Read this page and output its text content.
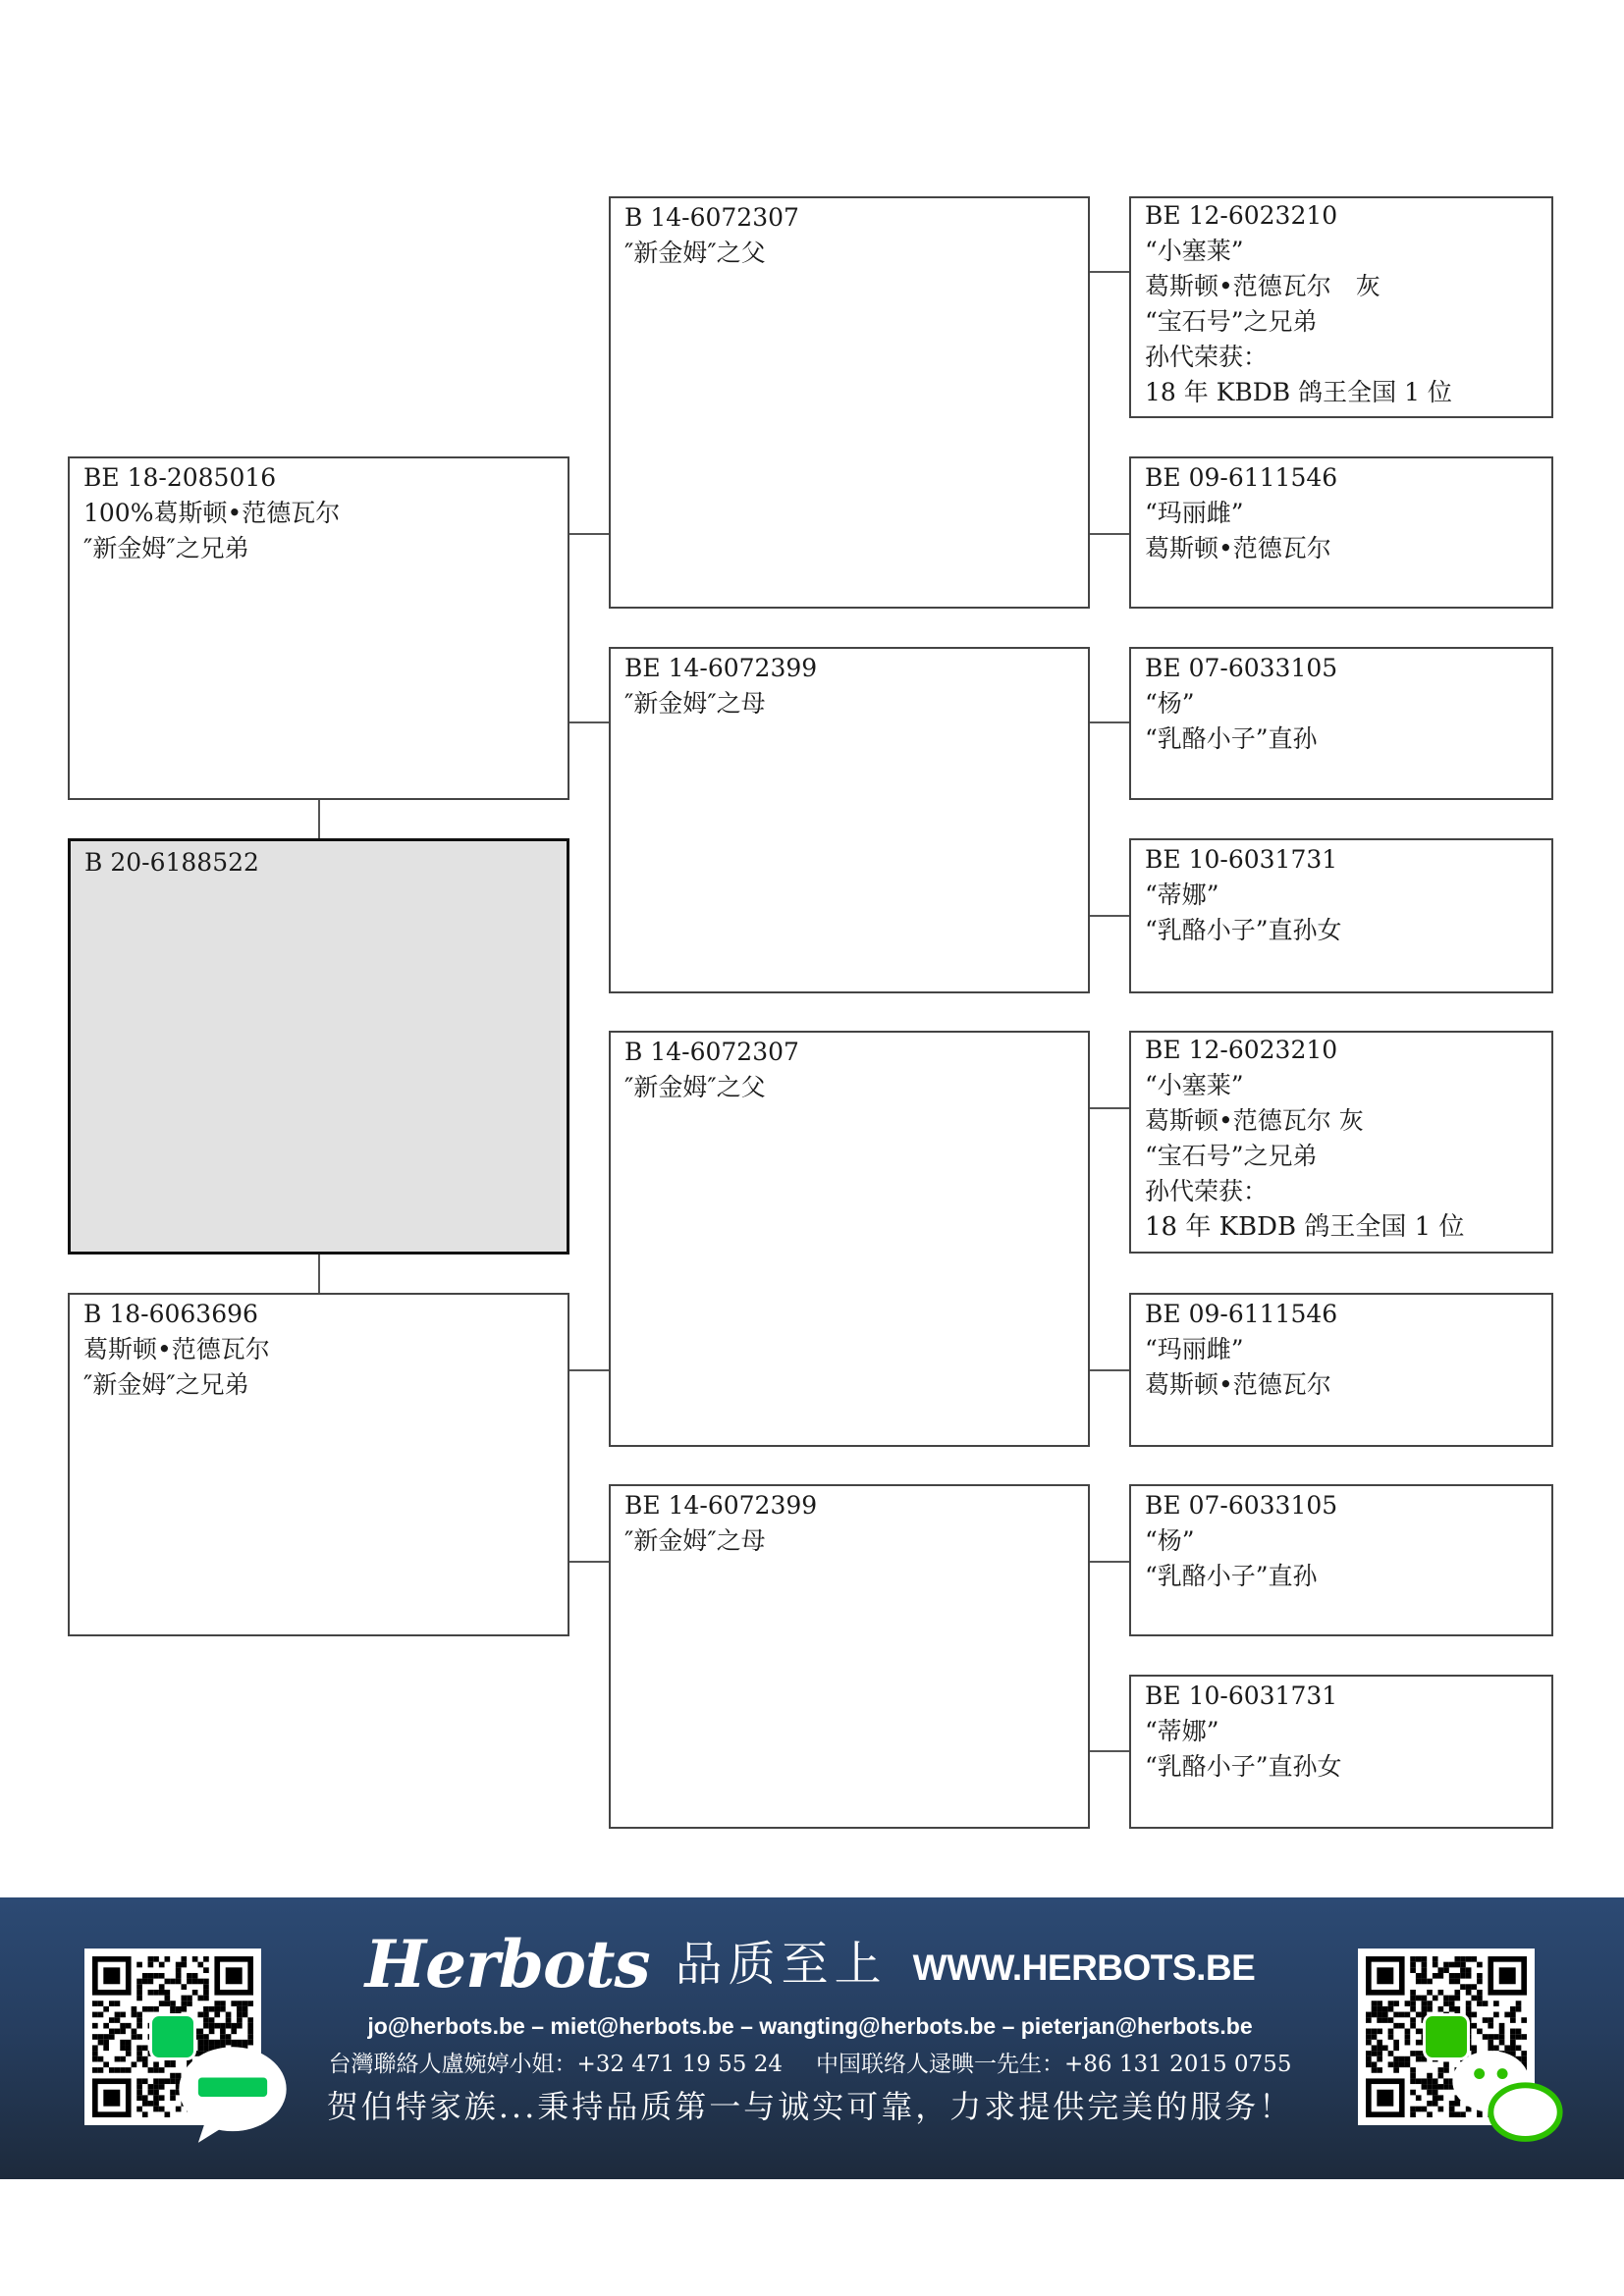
BE 18-2085016
100%葛斯顿•范德瓦尔
″新金姆″之兄弟
B 20-6188522
B 18-6063696
葛斯顿•范德瓦尔
″新金姆″之兄弟
B 14-6072307
″新金姆″之父
BE 14-6072399
″新金姆″之母
B 14-6072307
″新金姆″之父
BE 14-6072399
″新金姆″之母
BE 12-6023210
“小塞莱”
葛斯顿•范德瓦尔　灰
“宝石号”之兄弟
孙代荣获：
18 年 KBDB 鸽王全国 1 位
BE 09-6111546
“玛丽雌”
葛斯顿•范德瓦尔
BE 07-6033105
“杨”
“乳酪小子”直孙
BE 10-6031731
“蒂娜”
“乳酪小子”直孙女
BE 12-6023210
“小塞莱”
葛斯顿•范德瓦尔 灰
“宝石号”之兄弟
孙代荣获：
18 年 KBDB 鸽王全国 1 位
BE 09-6111546
“玛丽雌”
葛斯顿•范德瓦尔
BE 07-6033105
“杨”
“乳酪小子”直孙
BE 10-6031731
“蒂娜”
“乳酪小子”直孙女
Herbots 品质至上 WWW.HERBOTS.BE
jo@herbots.be – miet@herbots.be – wangting@herbots.be – pieterjan@herbots.be
台灣聯絡人盧婉婷小姐：+32 471 19 55 24 中国联络人逯晪一先生：+86 131 2015 0755
贺伯特家族...秉持品质第一与诚实可靠，力求提供完美的服务！
